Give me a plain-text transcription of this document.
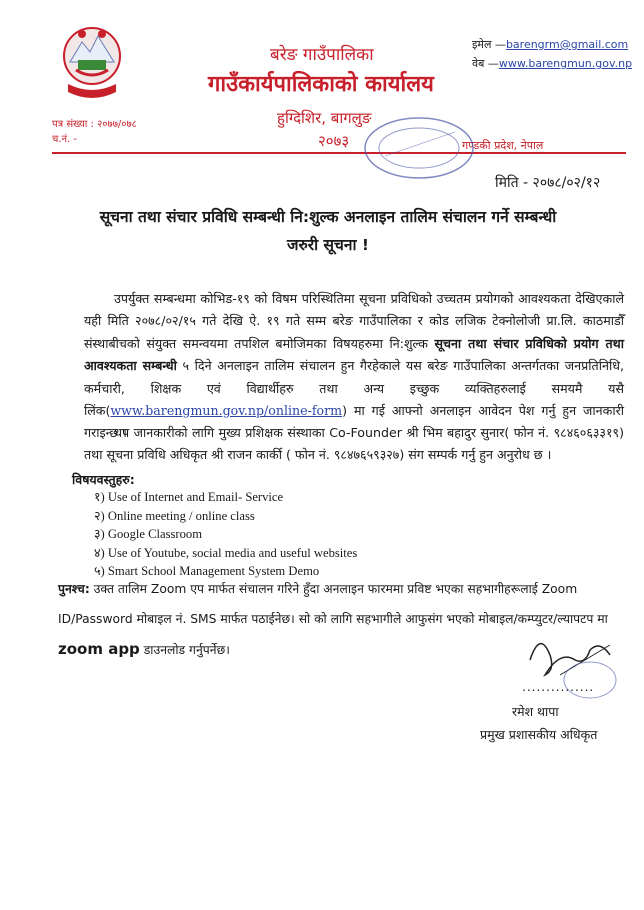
बरेङ गाउँपालिका
गाउँकार्यपालिकाको कार्यालय
हुग्दिशिर, बागलुङ
२०७३	गण्डकी प्रदेश, नेपाल
इमेल —barengrm@gmail.com
वेब —www.barengmun.gov.np
पत्र संख्या : २०७७/०७८
च.नं. -
मिति - २०७८/०२/१२
सूचना तथा संचार प्रविधि सम्बन्धी नि:शुल्क अनलाइन तालिम संचालन गर्ने सम्बन्धी
जरुरी सूचना !
उपर्युक्त सम्बन्धमा कोभिड-१९ को विषम परिस्थितिमा सूचना प्रविधिको उच्चतम प्रयोगको आवश्यकता देखिएकाले यही मिति २०७८/०२/१५ गते देखि ऐ. १९ गते सम्म बरेङ गाउँपालिका र कोड लजिक टेक्नोलोजी प्रा.लि. काठमाडौँ संस्थाबीचको संयुक्त समन्वयमा तपशिल बमोजिमका विषयहरुमा नि:शुल्क सूचना तथा संचार प्रविधिको प्रयोग तथा आवश्यकता सम्बन्धी ५ दिने अनलाइन तालिम संचालन हुन गैरहेकाले यस बरेङ गाउँपालिका अन्तर्गतका जनप्रतिनिधि, कर्मचारी, शिक्षक एवं विद्यार्थीहरु तथा अन्य इच्छुक व्यक्तिहरुलाई समयमै यसै लिंक(www.barengmun.gov.np/online-form) मा गई आफ्नो अनलाइन आवेदन पेश गर्नु हुन जानकारी गराइन्छ ।
थप जानकारीको लागि मुख्य प्रशिक्षक संस्थाका Co-Founder श्री भिम बहादुर सुनार( फोन नं. ९८४६०६३३१९) तथा सूचना प्रविधि अधिकृत श्री राजन कार्की ( फोन नं. ९८४७६५९३२७) संग सम्पर्क गर्नु हुन अनुरोध छ ।
विषयवस्तुहरु:
१) Use of Internet and Email- Service
२) Online meeting / online class
३) Google Classroom
४) Use of Youtube, social media and useful websites
५) Smart School Management System Demo
पुनश्च: उक्त तालिम Zoom एप मार्फत संचालन गरिने हुँदा अनलाइन फारममा प्रविष्ट भएका सहभागीहरूलाई Zoom ID/Password मोबाइल नं. SMS मार्फत पठाईनेछ। सो को लागि सहभागीले आफुसंग भएको मोबाइल/कम्प्युटर/ल्यापटप मा zoom app डाउनलोड गर्नुपर्नेछ।
...............
रमेश थापा
प्रमुख प्रशासकीय अधिकृत
